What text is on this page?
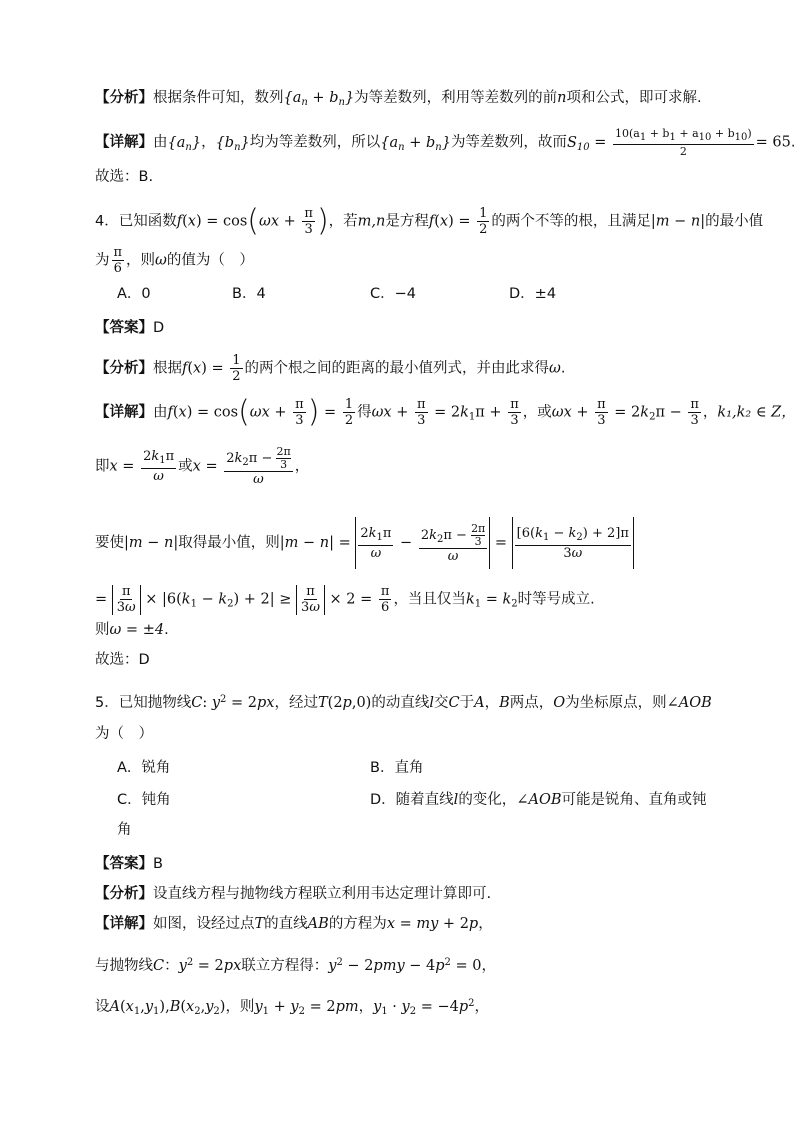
【分析】根据条件可知，数列$\{a_n + b_n\}$为等差数列，利用等差数列的前n项和公式，即可求解.
【详解】由$\{a_n\}$，$\{b_n\}$均为等差数列，所以$\{a_n + b_n\}$为等差数列，故而$S_{10} = \frac{10(a_1 + b_1 + a_{10} + b_{10})}{2} = 65$.
故选：B.
4．已知函数$f(x) = \cos(\omega x + \frac{\pi}{3}$ )，若m,n是方程$f(x) = \frac{1}{2}$ 的两个不等的根，且满足|m − n|的最小值
为 $\frac{\pi}{6}$ ，则ω的值为（　）
A．0	B．4	C．−4	D．±4
【答案】D
【分析】根据$f(x) = \frac{1}{2}$ 的两个根之间的距离的最小值列式，并由此求得ω.
【详解】由$f(x) = \cos(\omega x + \frac{\pi}{3}$ ) = $\frac{1}{2}$ 得$\omega x + \frac{\pi}{3} = 2k_1\pi + \frac{\pi}{3}$ ，或$\omega x + \frac{\pi}{3} = 2k_2\pi - \frac{\pi}{3}$ ，k₁,k₂ ∈ Z，
即$x = \frac{2k_1\pi}{\omega}$ 或$x = \frac{2k_2\pi - \frac{2\pi}{3}}{\omega}$ ，
要使|m − n|取得最小值，则$|m - n| = \frac{2k_1\pi}{\omega} - \frac{2k_2\pi - \frac{2\pi}{3}}{\omega} = \frac{[6(k_1 - k_2) + 2]\pi}{3\omega}$
= $\frac{\pi}{3\omega} \times |6(k_1 - k_2) + 2| \ge \frac{\pi}{3\omega} \times 2 = \frac{\pi}{6}$ ，当且仅当$k_1 = k_2$时等号成立.
则ω = ±4.
故选：D
5．已知抛物线C: $y^2 = 2px$，经过T(2p,0)的动直线l交C于A，B两点，O为坐标原点，则∠AOB
为（　）
A．锐角	B．直角
C．钝角	D．随着直线l的变化，∠AOB可能是锐角、直角或钝
角
【答案】B
【分析】设直线方程与抛物线方程联立利用韦达定理计算即可.
【详解】如图，设经过点T的直线AB的方程为x = my + 2p，
与抛物线C：$y^2 = 2px$联立方程得：$y^2 - 2pmy - 4p^2 = 0$，
设$A(x_1,y_1),B(x_2,y_2)$，则$y_1 + y_2 = 2pm$，$y_1 \cdot y_2 = -4p^2$，
